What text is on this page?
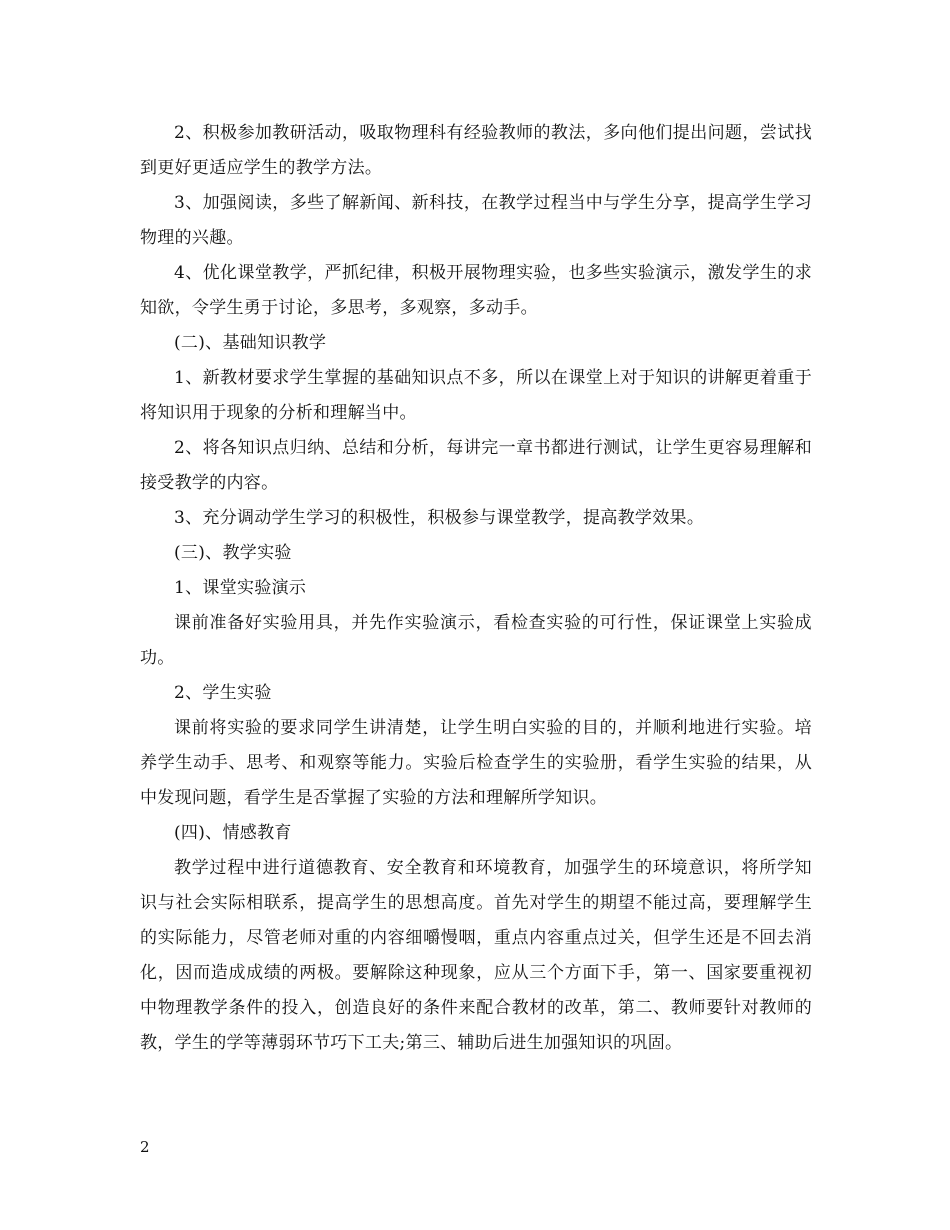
2、积极参加教研活动，吸取物理科有经验教师的教法，多向他们提出问题，尝试找到更好更适应学生的教学方法。

3、加强阅读，多些了解新闻、新科技，在教学过程当中与学生分享，提高学生学习物理的兴趣。

4、优化课堂教学，严抓纪律，积极开展物理实验，也多些实验演示，激发学生的求知欲，令学生勇于讨论，多思考，多观察，多动手。

(二)、基础知识教学

1、新教材要求学生掌握的基础知识点不多，所以在课堂上对于知识的讲解更着重于将知识用于现象的分析和理解当中。

2、将各知识点归纳、总结和分析，每讲完一章书都进行测试，让学生更容易理解和接受教学的内容。

3、充分调动学生学习的积极性，积极参与课堂教学，提高教学效果。

(三)、教学实验

1、课堂实验演示

课前准备好实验用具，并先作实验演示，看检查实验的可行性，保证课堂上实验成功。

2、学生实验

课前将实验的要求同学生讲清楚，让学生明白实验的目的，并顺利地进行实验。培养学生动手、思考、和观察等能力。实验后检查学生的实验册，看学生实验的结果，从中发现问题，看学生是否掌握了实验的方法和理解所学知识。

(四)、情感教育

教学过程中进行道德教育、安全教育和环境教育，加强学生的环境意识，将所学知识与社会实际相联系，提高学生的思想高度。首先对学生的期望不能过高，要理解学生的实际能力，尽管老师对重的内容细嚼慢咽，重点内容重点过关，但学生还是不回去消化，因而造成成绩的两极。要解除这种现象，应从三个方面下手，第一、国家要重视初中物理教学条件的投入，创造良好的条件来配合教材的改革，第二、教师要针对教师的教，学生的学等薄弱环节巧下工夫;第三、辅助后进生加强知识的巩固。

2
